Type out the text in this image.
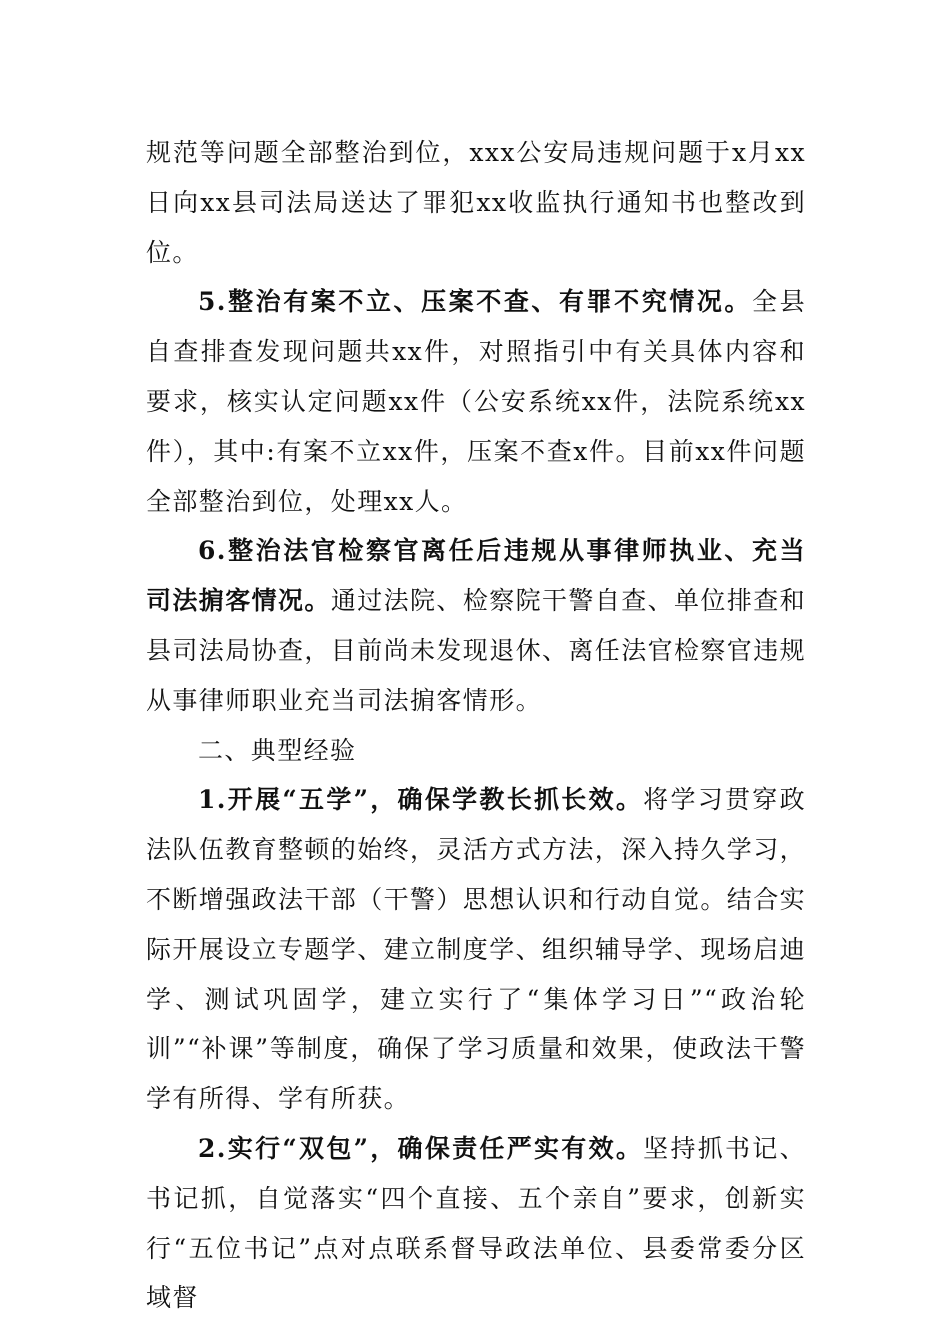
规范等问题全部整治到位，xxx公安局违规问题于x月xx日向xx县司法局送达了罪犯xx收监执行通知书也整改到位。

5.整治有案不立、压案不查、有罪不究情况。全县自查排查发现问题共xx件，对照指引中有关具体内容和要求，核实认定问题xx件（公安系统xx件，法院系统xx件），其中:有案不立xx件，压案不查x件。目前xx件问题全部整治到位，处理xx人。

6.整治法官检察官离任后违规从事律师执业、充当司法掮客情况。通过法院、检察院干警自查、单位排查和县司法局协查，目前尚未发现退休、离任法官检察官违规从事律师职业充当司法掮客情形。

二、典型经验

1.开展“五学”，确保学教长抓长效。将学习贯穿政法队伍教育整顿的始终，灵活方式方法，深入持久学习，不断增强政法干部（干警）思想认识和行动自觉。结合实际开展设立专题学、建立制度学、组织辅导学、现场启迪学、测试巩固学，建立实行了“集体学习日”“政治轮训”“补课”等制度，确保了学习质量和效果，使政法干警学有所得、学有所获。

2.实行“双包”，确保责任严实有效。坚持抓书记、书记抓，自觉落实“四个直接、五个亲自”要求，创新实行“五位书记”点对点联系督导政法单位、县委常委分区域督
